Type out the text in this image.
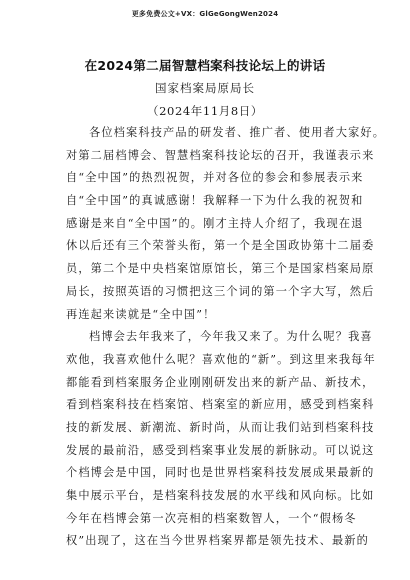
更多免费公文+VX：GlGeGongWen2024
在2024第二届智慧档案科技论坛上的讲话
国家档案局原局长
（2024年11月8日）
各位档案科技产品的研发者、推广者、使用者大家好。
对第二届档博会、智慧档案科技论坛的召开，我谨表示来
自“全中国”的热烈祝贺，并对各位的参会和参展表示来
自“全中国”的真诚感谢！我解释一下为什么我的祝贺和
感谢是来自“全中国”的。刚才主持人介绍了，我现在退
休以后还有三个荣誉头衔，第一个是全国政协第十二届委
员，第二个是中央档案馆原馆长，第三个是国家档案局原
局长，按照英语的习惯把这三个词的第一个字大写，然后
再连起来读就是“全中国”！
档博会去年我来了，今年我又来了。为什么呢？我喜
欢他，我喜欢他什么呢？喜欢他的“新”。到这里来我每年
都能看到档案服务企业刚刚研发出来的新产品、新技术，
看到档案科技在档案馆、档案室的新应用，感受到档案科
技的新发展、新潮流、新时尚，从而让我们站到档案科技
发展的最前沿，感受到档案事业发展的新脉动。可以说这
个档博会是中国，同时也是世界档案科技发展成果最新的
集中展示平台，是档案科技发展的水平线和风向标。比如
今年在档博会第一次亮相的档案数智人，一个“假杨冬
权”出现了，这在当今世界档案界都是领先技术、最新的
